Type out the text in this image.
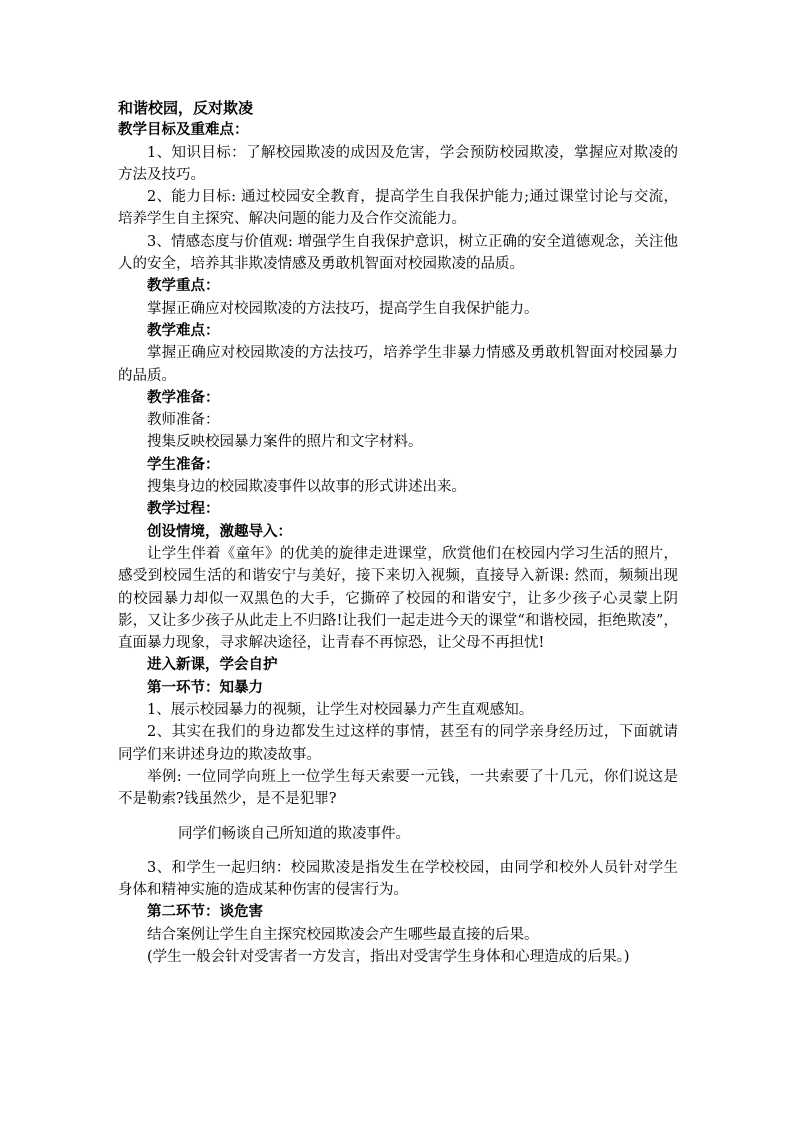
和谐校园，反对欺凌

教学目标及重难点：

1、知识目标：了解校园欺凌的成因及危害，学会预防校园欺凌，掌握应对欺凌的方法及技巧。

2、能力目标: 通过校园安全教育，提高学生自我保护能力;通过课堂讨论与交流，培养学生自主探究、解决问题的能力及合作交流能力。

3、情感态度与价值观: 增强学生自我保护意识，树立正确的安全道德观念，关注他人的安全，培养其非欺凌情感及勇敢机智面对校园欺凌的品质。

教学重点：

掌握正确应对校园欺凌的方法技巧，提高学生自我保护能力。

教学难点：

掌握正确应对校园欺凌的方法技巧，培养学生非暴力情感及勇敢机智面对校园暴力的品质。

教学准备：

教师准备：

搜集反映校园暴力案件的照片和文字材料。

学生准备：

搜集身边的校园欺凌事件以故事的形式讲述出来。

教学过程：

创设情境，激趣导入：

让学生伴着《童年》的优美的旋律走进课堂，欣赏他们在校园内学习生活的照片，感受到校园生活的和谐安宁与美好，接下来切入视频，直接导入新课: 然而，频频出现的校园暴力却似一双黑色的大手，它撕碎了校园的和谐安宁，让多少孩子心灵蒙上阴影，又让多少孩子从此走上不归路!让我们一起走进今天的课堂“和谐校园，拒绝欺凌”，直面暴力现象，寻求解决途径，让青春不再惊恐，让父母不再担忧!

进入新课，学会自护

第一环节：知暴力

1、展示校园暴力的视频，让学生对校园暴力产生直观感知。

2、其实在我们的身边都发生过这样的事情，甚至有的同学亲身经历过，下面就请同学们来讲述身边的欺凌故事。

举例: 一位同学向班上一位学生每天索要一元钱，一共索要了十几元，你们说这是不是勒索?钱虽然少，是不是犯罪?

同学们畅谈自己所知道的欺凌事件。

3、和学生一起归纳：校园欺凌是指发生在学校校园，由同学和校外人员针对学生身体和精神实施的造成某种伤害的侵害行为。

第二环节：谈危害

结合案例让学生自主探究校园欺凌会产生哪些最直接的后果。

(学生一般会针对受害者一方发言，指出对受害学生身体和心理造成的后果。)
